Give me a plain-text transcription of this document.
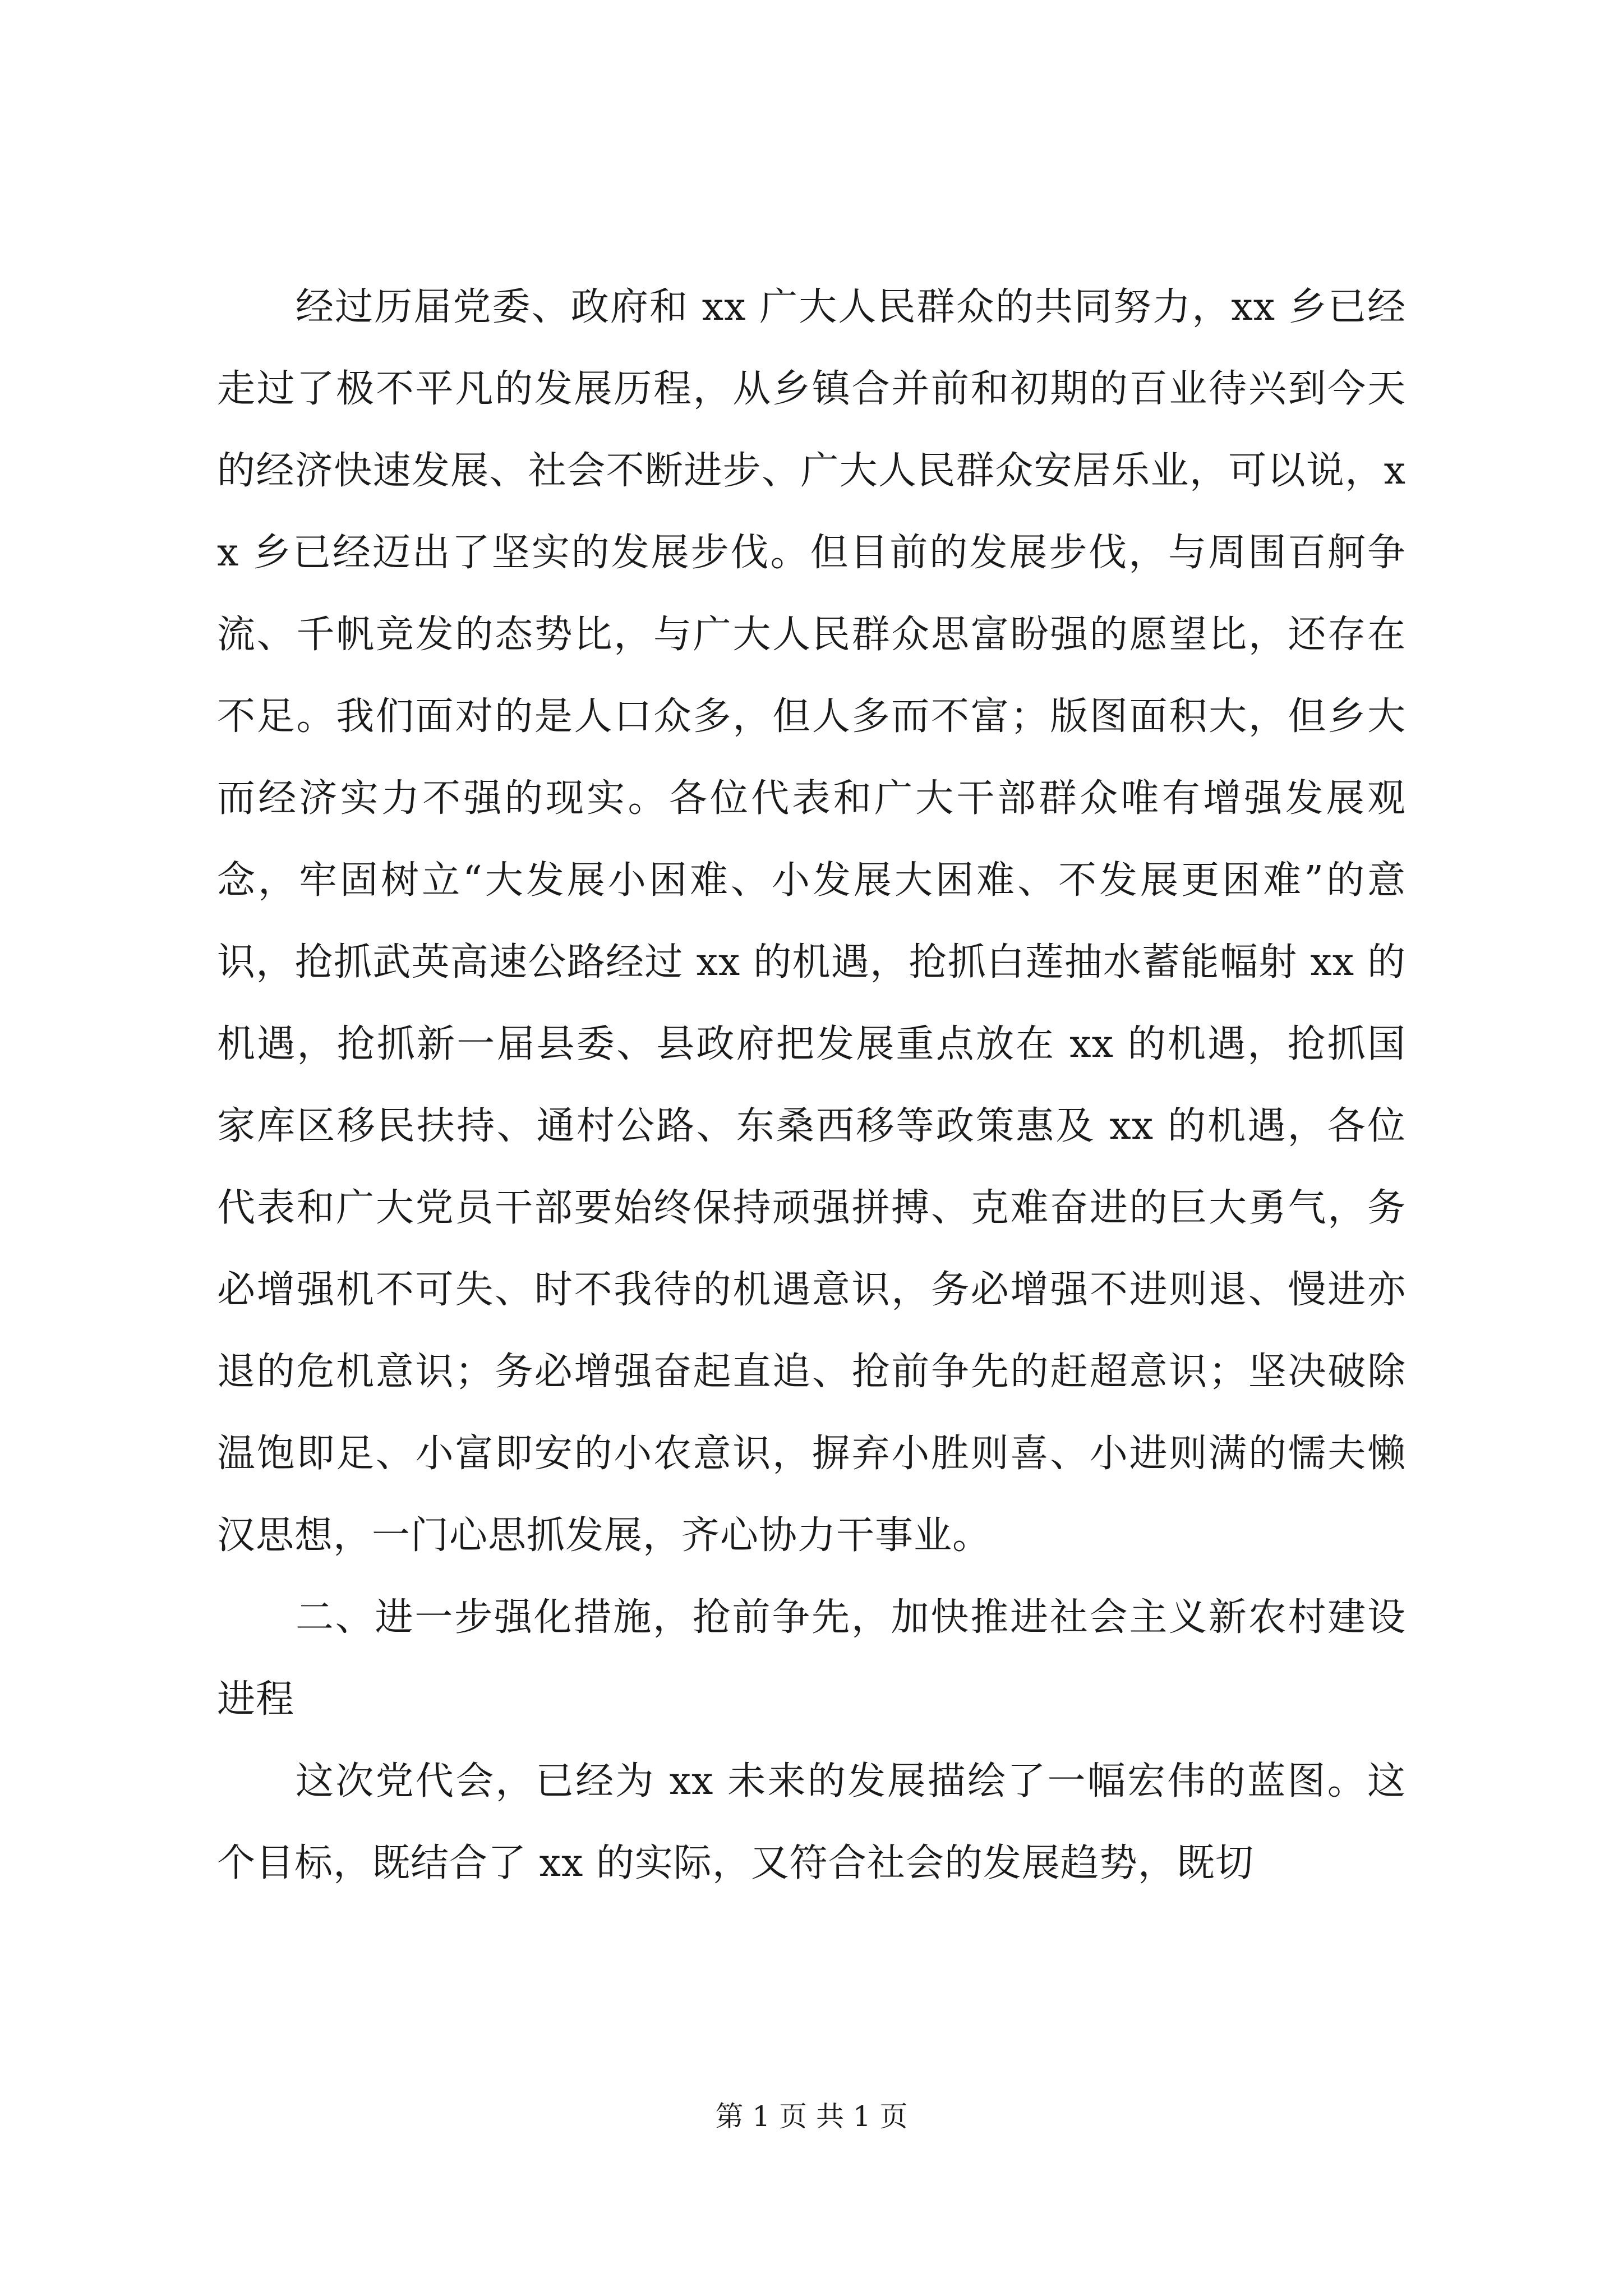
经过历届党委、政府和 xx 广大人民群众的共同努力，xx 乡已经走过了极不平凡的发展历程，从乡镇合并前和初期的百业待兴到今天的经济快速发展、社会不断进步、广大人民群众安居乐业，可以说，xx 乡已经迈出了坚实的发展步伐。但目前的发展步伐，与周围百舸争流、千帆竞发的态势比，与广大人民群众思富盼强的愿望比，还存在不足。我们面对的是人口众多，但人多而不富；版图面积大，但乡大而经济实力不强的现实。各位代表和广大干部群众唯有增强发展观念，牢固树立“大发展小困难、小发展大困难、不发展更困难”的意识，抢抓武英高速公路经过 xx 的机遇，抢抓白莲抽水蓄能幅射 xx 的机遇，抢抓新一届县委、县政府把发展重点放在 xx 的机遇，抢抓国家库区移民扶持、通村公路、东桑西移等政策惠及 xx 的机遇，各位代表和广大党员干部要始终保持顽强拼搏、克难奋进的巨大勇气，务必增强机不可失、时不我待的机遇意识，务必增强不进则退、慢进亦退的危机意识；务必增强奋起直追、抢前争先的赶超意识；坚决破除温饱即足、小富即安的小农意识，摒弃小胜则喜、小进则满的懦夫懒汉思想，一门心思抓发展，齐心协力干事业。

二、进一步强化措施，抢前争先，加快推进社会主义新农村建设进程

这次党代会，已经为 xx 未来的发展描绘了一幅宏伟的蓝图。这个目标，既结合了 xx 的实际，又符合社会的发展趋势，既切

第 1 页 共 1 页
